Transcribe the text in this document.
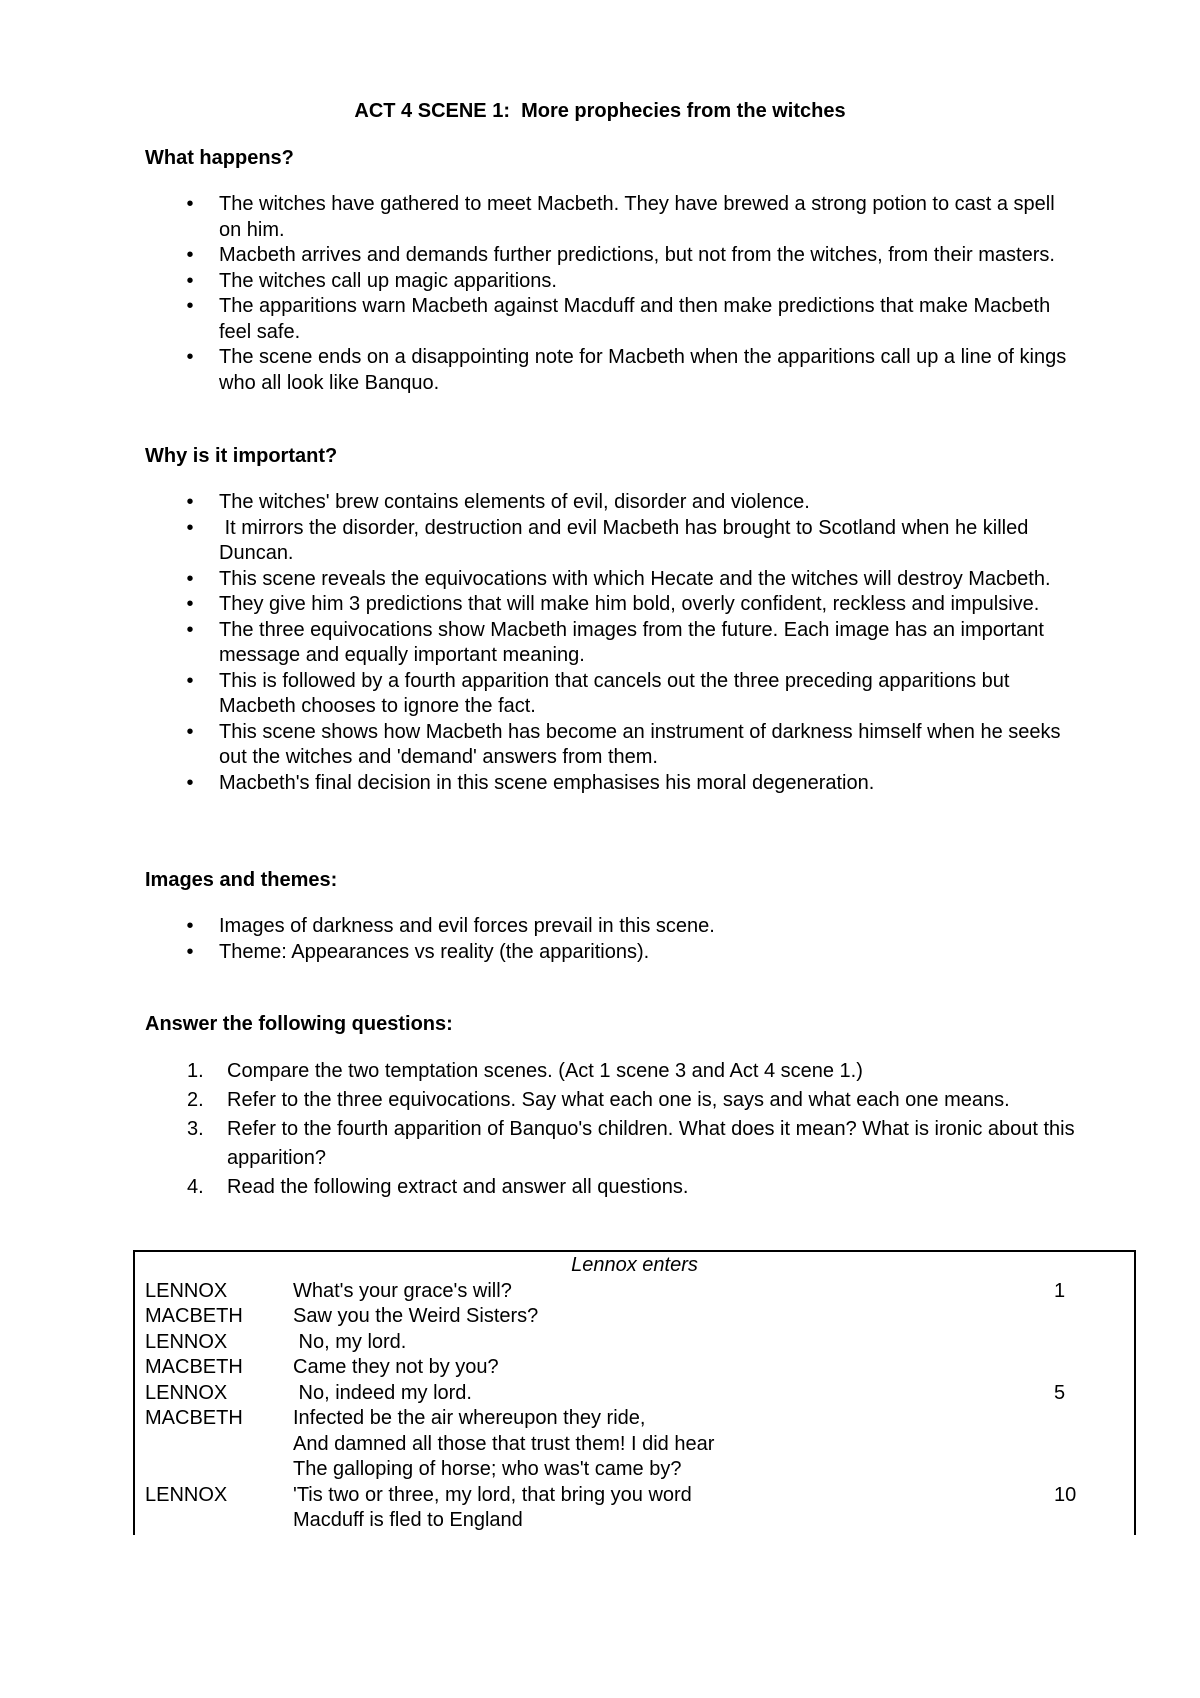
ACT 4 SCENE 1:  More prophecies from the witches
What happens?
• The witches have gathered to meet Macbeth. They have brewed a strong potion to cast a spell on him.
• Macbeth arrives and demands further predictions, but not from the witches, from their masters.
• The witches call up magic apparitions.
• The apparitions warn Macbeth against Macduff and then make predictions that make Macbeth feel safe.
• The scene ends on a disappointing note for Macbeth when the apparitions call up a line of kings who all look like Banquo.
Why is it important?
• The witches' brew contains elements of evil, disorder and violence.
• It mirrors the disorder, destruction and evil Macbeth has brought to Scotland when he killed Duncan.
• This scene reveals the equivocations with which Hecate and the witches will destroy Macbeth.
• They give him 3 predictions that will make him bold, overly confident, reckless and impulsive.
• The three equivocations show Macbeth images from the future. Each image has an important message and equally important meaning.
• This is followed by a fourth apparition that cancels out the three preceding apparitions but Macbeth chooses to ignore the fact.
• This scene shows how Macbeth has become an instrument of darkness himself when he seeks out the witches and 'demand' answers from them.
• Macbeth's final decision in this scene emphasises his moral degeneration.
Images and themes:
• Images of darkness and evil forces prevail in this scene.
• Theme: Appearances vs reality (the apparitions).
Answer the following questions:
1. Compare the two temptation scenes. (Act 1 scene 3 and Act 4 scene 1.)
2. Refer to the three equivocations. Say what each one is, says and what each one means.
3. Refer to the fourth apparition of Banquo's children. What does it mean? What is ironic about this apparition?
4. Read the following extract and answer all questions.
Lennox enters
LENNOX	What's your grace's will?	1
MACBETH	Saw you the Weird Sisters?
LENNOX	No, my lord.
MACBETH	Came they not by you?
LENNOX	No, indeed my lord.	5
MACBETH	Infected be the air whereupon they ride,
And damned all those that trust them! I did hear
The galloping of horse; who was't came by?
LENNOX	'Tis two or three, my lord, that bring you word	10
Macduff is fled to England
